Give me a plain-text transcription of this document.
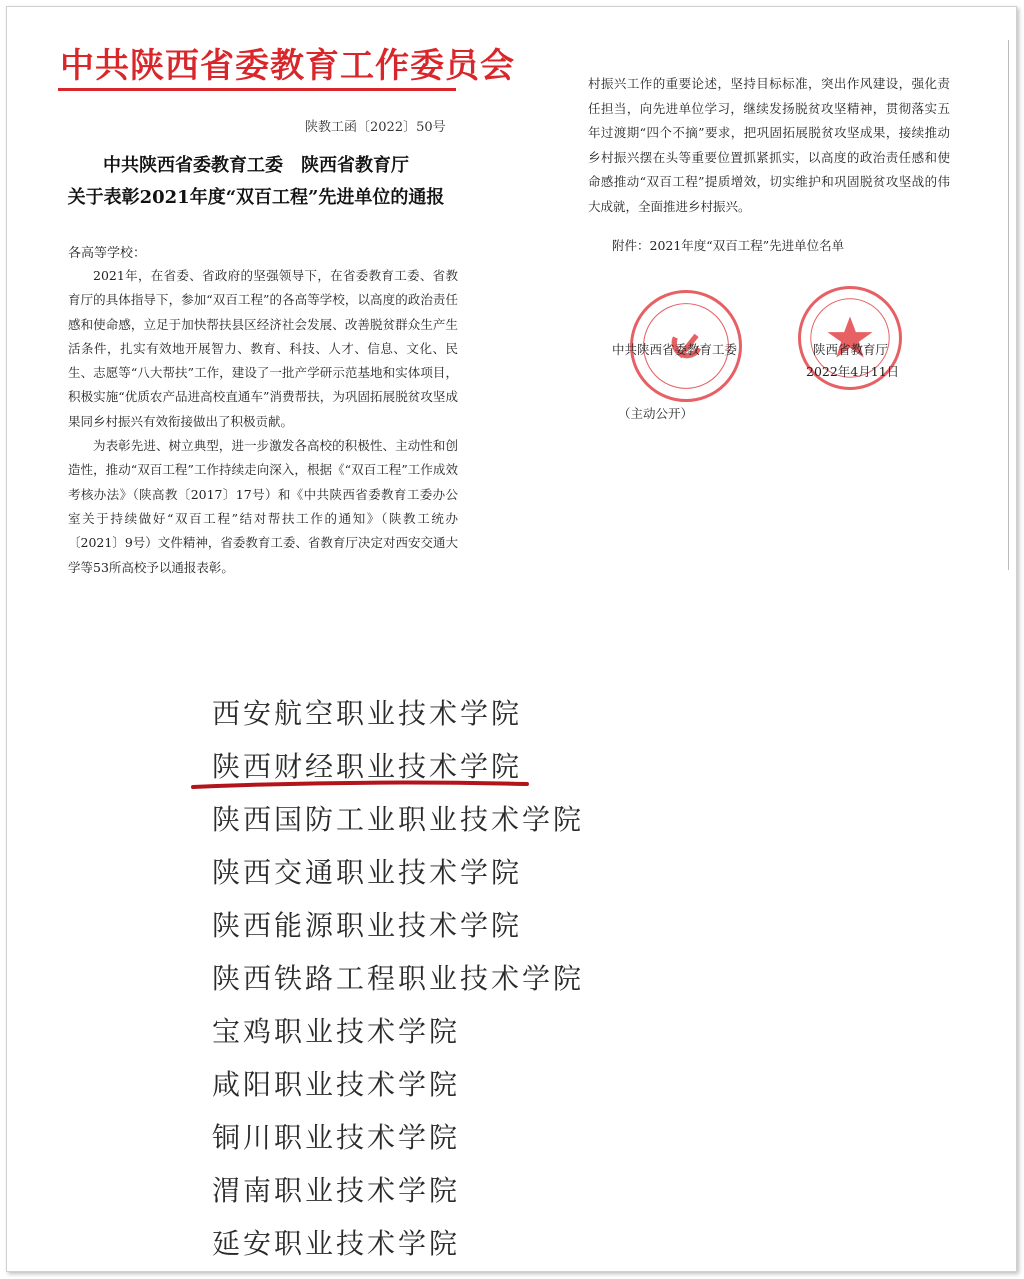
中共陕西省委教育工作委员会
陕教工函〔2022〕50号
中共陕西省委教育工委　陕西省教育厅
关于表彰2021年度“双百工程”先进单位的通报
各高等学校：

2021年，在省委、省政府的坚强领导下，在省委教育工委、省教育厅的具体指导下，参加“双百工程”的各高等学校，以高度的政治责任感和使命感，立足于加快帮扶县区经济社会发展、改善脱贫群众生产生活条件，扎实有效地开展智力、教育、科技、人才、信息、文化、民生、志愿等“八大帮扶”工作，建设了一批产学研示范基地和实体项目，积极实施“优质农产品进高校直通车”消费帮扶，为巩固拓展脱贫攻坚成果同乡村振兴有效衔接做出了积极贡献。

为表彰先进、树立典型，进一步激发各高校的积极性、主动性和创造性，推动“双百工程”工作持续走向深入，根据《“双百工程”工作成效考核办法》（陕高教〔2017〕17号）和《中共陕西省委教育工委办公室关于持续做好“双百工程”结对帮扶工作的通知》（陕教工统办〔2021〕9号）文件精神，省委教育工委、省教育厅决定对西安交通大学等53所高校予以通报表彰。

村振兴工作的重要论述，坚持目标标准，突出作风建设，强化责任担当，向先进单位学习，继续发扬脱贫攻坚精神，贯彻落实五年过渡期“四个不摘”要求，把巩固拓展脱贫攻坚成果，接续推动乡村振兴摆在头等重要位置抓紧抓实，以高度的政治责任感和使命感推动“双百工程”提质增效，切实维护和巩固脱贫攻坚战的伟大成就，全面推进乡村振兴。
附件：2021年度“双百工程”先进单位名单
中共陕西省委教育工委	陕西省教育厅
2022年4月11日
（主动公开）
西安航空职业技术学院
陕西财经职业技术学院
陕西国防工业职业技术学院
陕西交通职业技术学院
陕西能源职业技术学院
陕西铁路工程职业技术学院
宝鸡职业技术学院
咸阳职业技术学院
铜川职业技术学院
渭南职业技术学院
延安职业技术学院
